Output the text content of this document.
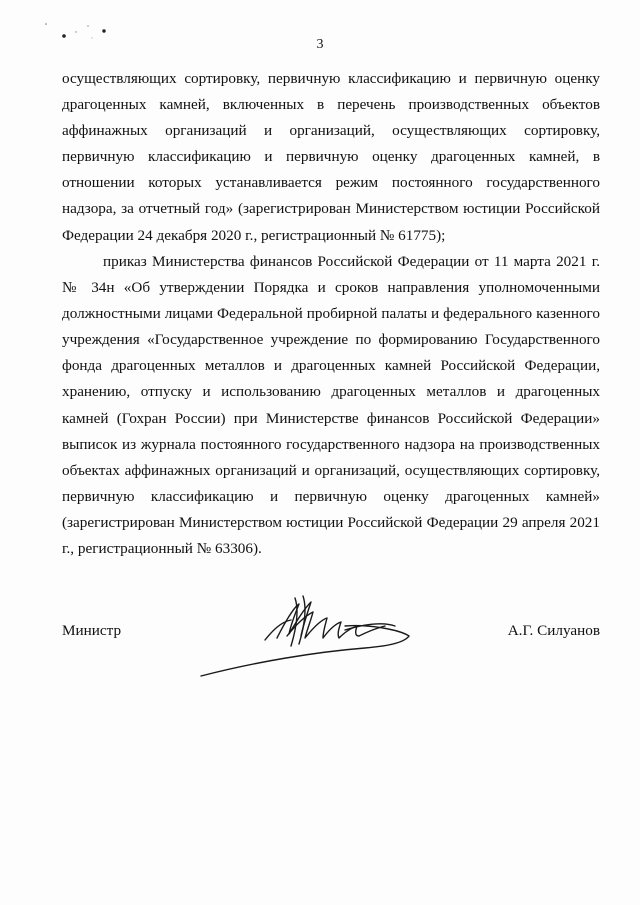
3
осуществляющих сортировку, первичную классификацию и первичную оценку драгоценных камней, включенных в перечень производственных объектов аффинажных организаций и организаций, осуществляющих сортировку, первичную классификацию и первичную оценку драгоценных камней, в отношении которых устанавливается режим постоянного государственного надзора, за отчетный год» (зарегистрирован Министерством юстиции Российской Федерации 24 декабря 2020 г., регистрационный № 61775);
приказ Министерства финансов Российской Федерации от 11 марта 2021 г. № 34н «Об утверждении Порядка и сроков направления уполномоченными должностными лицами Федеральной пробирной палаты и федерального казенного учреждения «Государственное учреждение по формированию Государственного фонда драгоценных металлов и драгоценных камней Российской Федерации, хранению, отпуску и использованию драгоценных металлов и драгоценных камней (Гохран России) при Министерстве финансов Российской Федерации» выписок из журнала постоянного государственного надзора на производственных объектах аффинажных организаций и организаций, осуществляющих сортировку, первичную классификацию и первичную оценку драгоценных камней» (зарегистрирован Министерством юстиции Российской Федерации 29 апреля 2021 г., регистрационный № 63306).
Министр	А.Г. Силуанов
